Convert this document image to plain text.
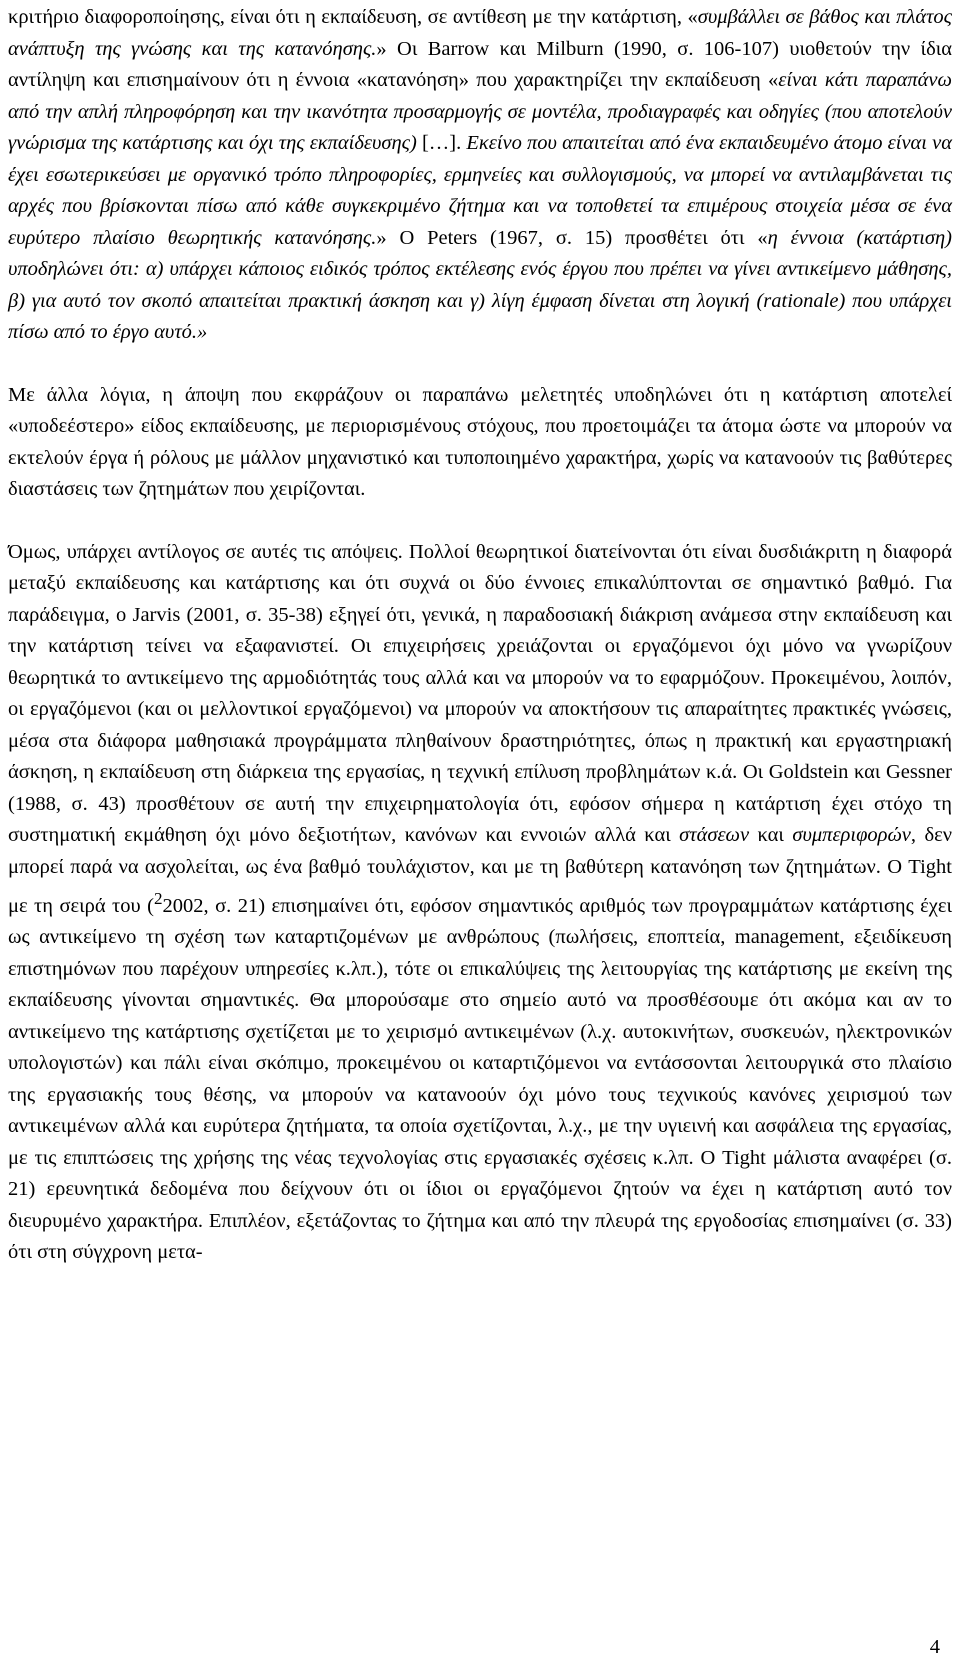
κριτήριο διαφοροποίησης, είναι ότι η εκπαίδευση, σε αντίθεση με την κατάρτιση, «συμβάλλει σε βάθος και πλάτος ανάπτυξη της γνώσης και της κατανόησης.» Οι Barrow και Milburn (1990, σ. 106-107) υιοθετούν την ίδια αντίληψη και επισημαίνουν ότι η έννοια «κατανόηση» που χαρακτηρίζει την εκπαίδευση «είναι κάτι παραπάνω από την απλή πληροφόρηση και την ικανότητα προσαρμογής σε μοντέλα, προδιαγραφές και οδηγίες (που αποτελούν γνώρισμα της κατάρτισης και όχι της εκπαίδευσης) […]. Εκείνο που απαιτείται από ένα εκπαιδευμένο άτομο είναι να έχει εσωτερικεύσει με οργανικό τρόπο πληροφορίες, ερμηνείες και συλλογισμούς, να μπορεί να αντιλαμβάνεται τις αρχές που βρίσκονται πίσω από κάθε συγκεκριμένο ζήτημα και να τοποθετεί τα επιμέρους στοιχεία μέσα σε ένα ευρύτερο πλαίσιο θεωρητικής κατανόησης.» Ο Peters (1967, σ. 15) προσθέτει ότι «η έννοια (κατάρτιση) υποδηλώνει ότι: α) υπάρχει κάποιος ειδικός τρόπος εκτέλεσης ενός έργου που πρέπει να γίνει αντικείμενο μάθησης, β) για αυτό τον σκοπό απαιτείται πρακτική άσκηση και γ) λίγη έμφαση δίνεται στη λογική (rationale) που υπάρχει πίσω από το έργο αυτό.»

Με άλλα λόγια, η άποψη που εκφράζουν οι παραπάνω μελετητές υποδηλώνει ότι η κατάρτιση αποτελεί «υποδεέστερο» είδος εκπαίδευσης, με περιορισμένους στόχους, που προετοιμάζει τα άτομα ώστε να μπορούν να εκτελούν έργα ή ρόλους με μάλλον μηχανιστικό και τυποποιημένο χαρακτήρα, χωρίς να κατανοούν τις βαθύτερες διαστάσεις των ζητημάτων που χειρίζονται.

Όμως, υπάρχει αντίλογος σε αυτές τις απόψεις. Πολλοί θεωρητικοί διατείνονται ότι είναι δυσδιάκριτη η διαφορά μεταξύ εκπαίδευσης και κατάρτισης και ότι συχνά οι δύο έννοιες επικαλύπτονται σε σημαντικό βαθμό. Για παράδειγμα, ο Jarvis (2001, σ. 35-38) εξηγεί ότι, γενικά, η παραδοσιακή διάκριση ανάμεσα στην εκπαίδευση και την κατάρτιση τείνει να εξαφανιστεί. Οι επιχειρήσεις χρειάζονται οι εργαζόμενοι όχι μόνο να γνωρίζουν θεωρητικά το αντικείμενο της αρμοδιότητάς τους αλλά και να μπορούν να το εφαρμόζουν. Προκειμένου, λοιπόν, οι εργαζόμενοι (και οι μελλοντικοί εργαζόμενοι) να μπορούν να αποκτήσουν τις απαραίτητες πρακτικές γνώσεις, μέσα στα διάφορα μαθησιακά προγράμματα πληθαίνουν δραστηριότητες, όπως η πρακτική και εργαστηριακή άσκηση, η εκπαίδευση στη διάρκεια της εργασίας, η τεχνική επίλυση προβλημάτων κ.ά. Οι Goldstein και Gessner (1988, σ. 43) προσθέτουν σε αυτή την επιχειρηματολογία ότι, εφόσον σήμερα η κατάρτιση έχει στόχο τη συστηματική εκμάθηση όχι μόνο δεξιοτήτων, κανόνων και εννοιών αλλά και στάσεων και συμπεριφορών, δεν μπορεί παρά να ασχολείται, ως ένα βαθμό τουλάχιστον, και με τη βαθύτερη κατανόηση των ζητημάτων. Ο Tight με τη σειρά του ($^2$2002, σ. 21) επισημαίνει ότι, εφόσον σημαντικός αριθμός των προγραμμάτων κατάρτισης έχει ως αντικείμενο τη σχέση των καταρτιζομένων με ανθρώπους (πωλήσεις, εποπτεία, management, εξειδίκευση επιστημόνων που παρέχουν υπηρεσίες κ.λπ.), τότε οι επικαλύψεις της λειτουργίας της κατάρτισης με εκείνη της εκπαίδευσης γίνονται σημαντικές. Θα μπορούσαμε στο σημείο αυτό να προσθέσουμε ότι ακόμα και αν το αντικείμενο της κατάρτισης σχετίζεται με το χειρισμό αντικειμένων (λ.χ. αυτοκινήτων, συσκευών, ηλεκτρονικών υπολογιστών) και πάλι είναι σκόπιμο, προκειμένου οι καταρτιζόμενοι να εντάσσονται λειτουργικά στο πλαίσιο της εργασιακής τους θέσης, να μπορούν να κατανοούν όχι μόνο τους τεχνικούς κανόνες χειρισμού των αντικειμένων αλλά και ευρύτερα ζητήματα, τα οποία σχετίζονται, λ.χ., με την υγιεινή και ασφάλεια της εργασίας, με τις επιπτώσεις της χρήσης της νέας τεχνολογίας στις εργασιακές σχέσεις κ.λπ. Ο Tight μάλιστα αναφέρει (σ. 21) ερευνητικά δεδομένα που δείχνουν ότι οι ίδιοι οι εργαζόμενοι ζητούν να έχει η κατάρτιση αυτό τον διευρυμένο χαρακτήρα. Επιπλέον, εξετάζοντας το ζήτημα και από την πλευρά της εργοδοσίας επισημαίνει (σ. 33) ότι στη σύγχρονη μετα-

4
